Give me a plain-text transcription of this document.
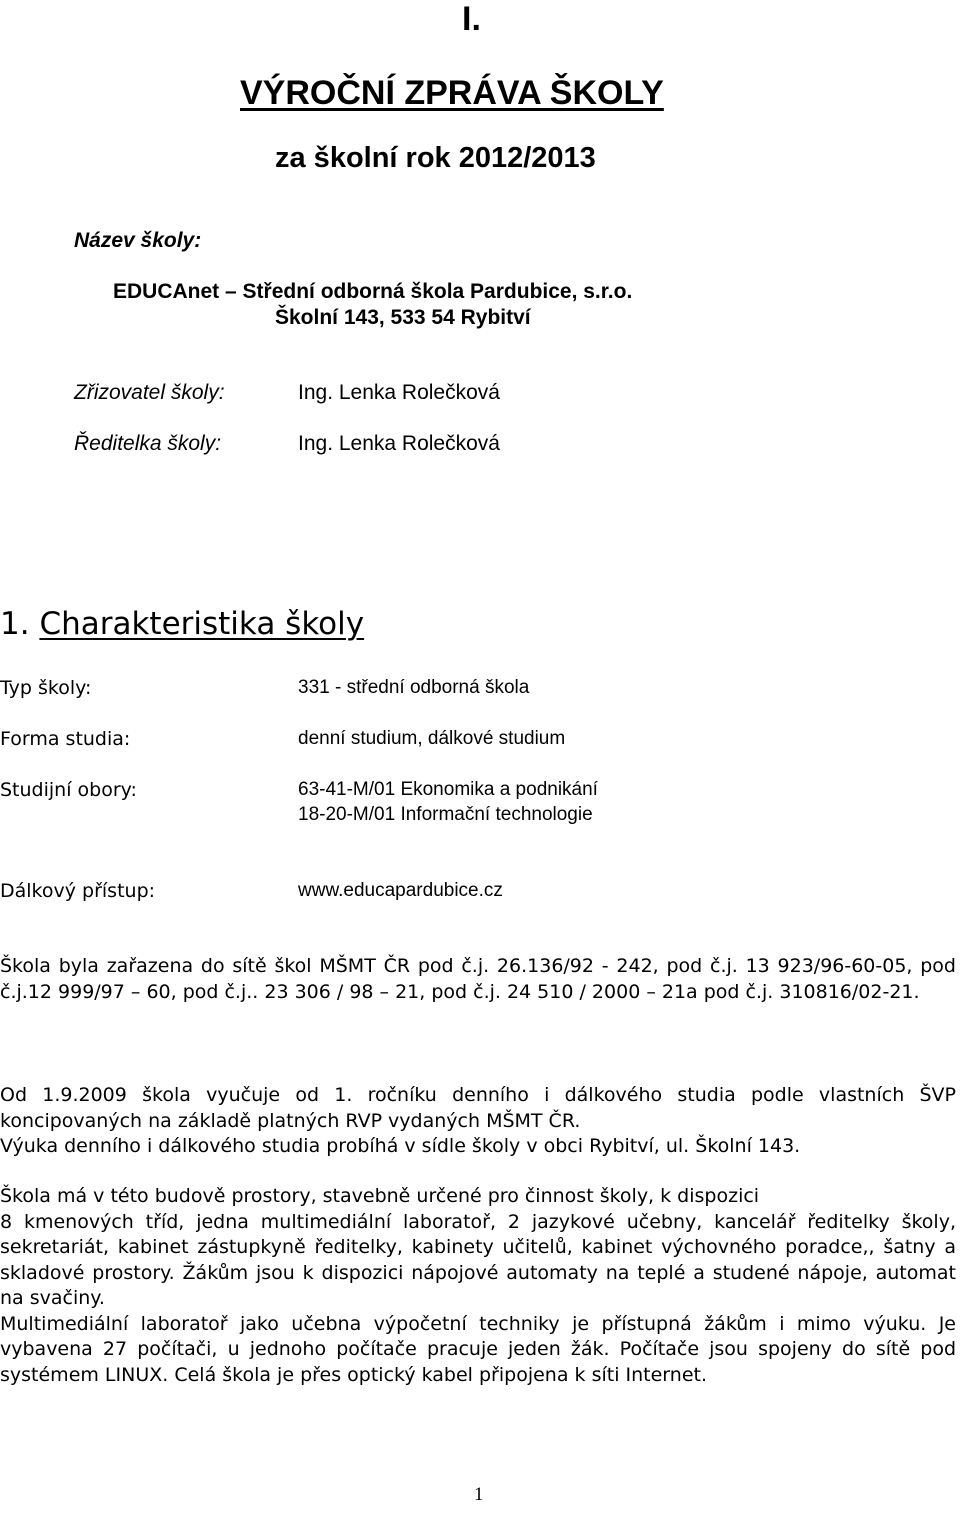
I.
VÝROČNÍ ZPRÁVA ŠKOLY
za školní rok 2012/2013
Název školy:
EDUCAnet – Střední odborná škola Pardubice, s.r.o.
Školní 143, 533 54 Rybitví
Zřizovatel školy:	Ing. Lenka Rolečková
Ředitelka školy:	Ing. Lenka Rolečková
1. Charakteristika školy
Typ školy:	331 - střední odborná škola
Forma studia:	denní studium, dálkové studium
Studijní obory:	63-41-M/01 Ekonomika a podnikání
18-20-M/01 Informační technologie
Dálkový přístup:	www.educapardubice.cz
Škola byla zařazena do sítě škol MŠMT ČR pod č.j. 26.136/92 - 242, pod č.j. 13 923/96-60-05, pod č.j.12 999/97 – 60, pod č.j.. 23 306 / 98 – 21, pod č.j. 24 510 / 2000 – 21a pod č.j. 310816/02-21.
Od 1.9.2009 škola vyučuje od 1. ročníku denního i dálkového studia podle vlastních ŠVP koncipovaných na základě platných RVP vydaných MŠMT ČR.
Výuka denního i dálkového studia probíhá v sídle školy v obci Rybitví, ul. Školní 143.
Škola má v této budově prostory, stavebně určené pro činnost školy, k dispozici
8 kmenových tříd, jedna multimediální laboratoř, 2 jazykové učebny, kancelář ředitelky školy, sekretariát, kabinet zástupkyně ředitelky, kabinety učitelů, kabinet výchovného poradce,, šatny a skladové prostory. Žákům jsou k dispozici nápojové automaty na teplé a studené nápoje, automat na svačiny.
Multimediální laboratoř jako učebna výpočetní techniky je přístupná žákům i mimo výuku. Je vybavena 27 počítači, u jednoho počítače pracuje jeden žák. Počítače jsou spojeny do sítě pod systémem LINUX. Celá škola je přes optický kabel připojena k síti Internet.
1
